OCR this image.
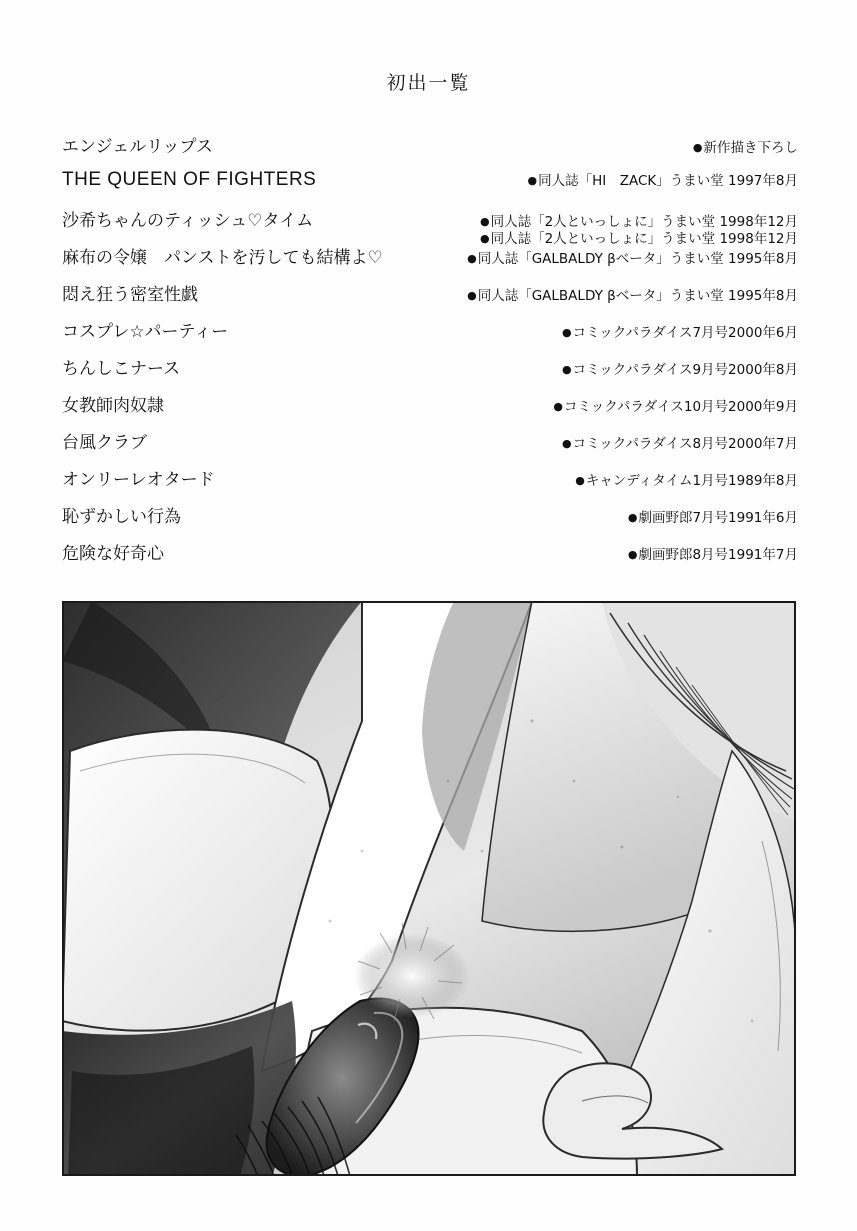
初出一覧
エンジェルリップス	●新作描き下ろし
THE QUEEN OF FIGHTERS	●同人誌「HI　ZACK」うまい堂 1997年8月
沙希ちゃんのティッシュ♡タイム	●同人誌「2人といっしょに」うまい堂 1998年12月
●同人誌「2人といっしょに」うまい堂 1998年12月
麻布の令嬢　パンストを汚しても結構よ♡	●同人誌「GALBALDY βベータ」うまい堂 1995年8月
悶え狂う密室性戯	●同人誌「GALBALDY βベータ」うまい堂 1995年8月
コスプレ☆パーティー	●コミックパラダイス7月号2000年6月
ちんしこナース	●コミックパラダイス9月号2000年8月
女教師肉奴隷	●コミックパラダイス10月号2000年9月
台風クラブ	●コミックパラダイス8月号2000年7月
オンリーレオタード	●キャンディタイム1月号1989年8月
恥ずかしい行為	●劇画野郎7月号1991年6月
危険な好奇心	●劇画野郎8月号1991年7月
